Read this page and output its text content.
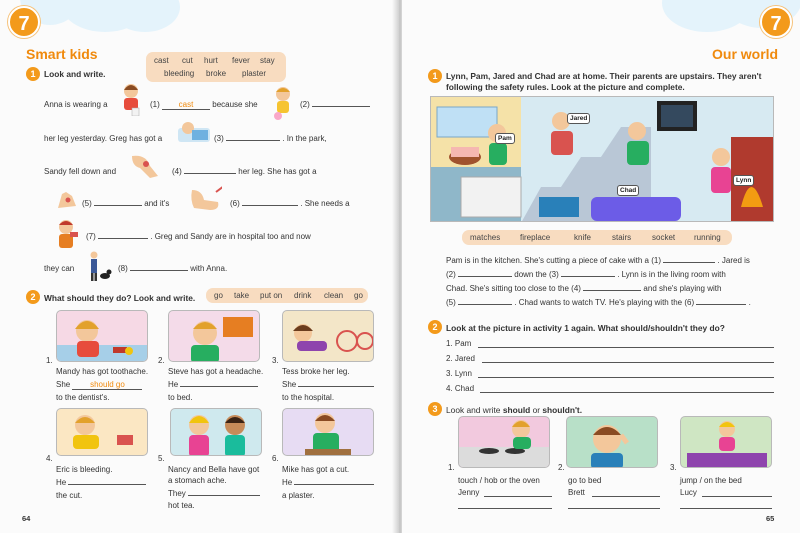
7
Smart kids	cast cut hurt fever stay
bleeding broke plaster
1	Look and write.
Anna is wearing a	(1) cast because she	(2)
her leg yesterday. Greg has got a	(3)	. In the park,
Sandy fell down and	(4)	her leg. She has got a
(5)	and it's	(6)	. She needs a
(7)	. Greg and Sandy are in hospital too and now
they can	(8)	with Anna.
2	What should they do? Look and write. go take put on drink clean go
1.
Mandy has got toothache.
She should go
to the dentist's.
2.
Steve has got a headache.
He
to bed.
3.
Tess broke her leg.
She
to the hospital.
4.
Eric is bleeding.
He
the cut.
5.
Nancy and Bella have got
a stomach ache.
They
hot tea.
6.
Mike has got a cut.
He
a plaster.
64
7
Our world
1	Lynn, Pam, Jared and Chad are at home. Their parents are upstairs. They aren't
following the safety rules. Look at the picture and complete.
Pam
Jared
Chad
Lynn
matches fireplace	knife	stairs	socket running
Pam is in the kitchen. She's cutting a piece of cake with a (1)	. Jared is
(2)	down the (3)	. Lynn is in the living room with
Chad. She's sitting too close to the (4)	and she's playing with
(5)	. Chad wants to watch TV. He's playing with the (6)	.
2	Look at the picture in activity 1 again. What should/shouldn't they do?
1. Pam
2. Jared
3. Lynn
4. Chad
3	Look and write should or shouldn't.
1.
touch / hob or the oven
Jenny
2.
go to bed
Brett
3.
jump / on the bed
Lucy
65
